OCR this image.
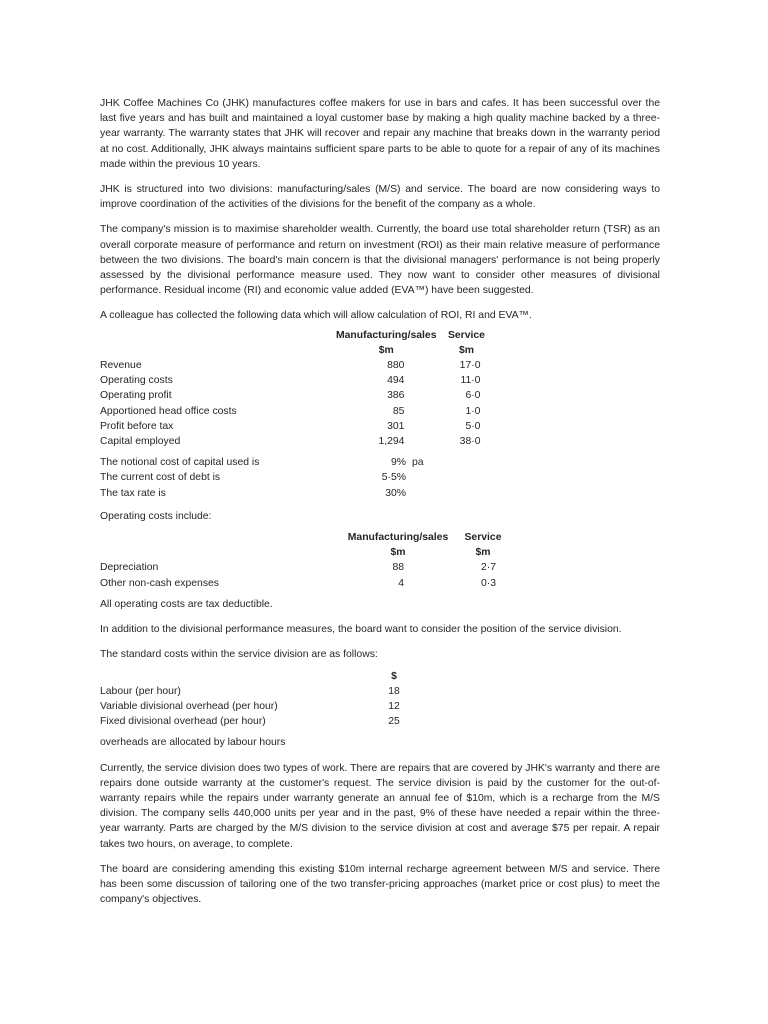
JHK Coffee Machines Co (JHK) manufactures coffee makers for use in bars and cafes. It has been successful over the last five years and has built and maintained a loyal customer base by making a high quality machine backed by a three-year warranty. The warranty states that JHK will recover and repair any machine that breaks down in the warranty period at no cost. Additionally, JHK always maintains sufficient spare parts to be able to quote for a repair of any of its machines made within the previous 10 years.

JHK is structured into two divisions: manufacturing/sales (M/S) and service. The board are now considering ways to improve coordination of the activities of the divisions for the benefit of the company as a whole.

The company's mission is to maximise shareholder wealth. Currently, the board use total shareholder return (TSR) as an overall corporate measure of performance and return on investment (ROI) as their main relative measure of performance between the two divisions. The board's main concern is that the divisional managers' performance is not being properly assessed by the divisional performance measure used. They now want to consider other measures of divisional performance. Residual income (RI) and economic value added (EVA™) have been suggested.

A colleague has collected the following data which will allow calculation of ROI, RI and EVA™.

	Manufacturing/sales	Service
	$m	$m
Revenue	880	17·0
Operating costs	494	11·0
Operating profit	386	6·0
Apportioned head office costs	85	1·0
Profit before tax	301	5·0
Capital employed	1,294	38·0
The notional cost of capital used is	9%	pa
The current cost of debt is	5·5%	
The tax rate is	30%	

Operating costs include:

	Manufacturing/sales	Service
	$m	$m
Depreciation	88	2·7
Other non-cash expenses	4	0·3

All operating costs are tax deductible.

In addition to the divisional performance measures, the board want to consider the position of the service division.

The standard costs within the service division are as follows:

	$
Labour (per hour)	18
Variable divisional overhead (per hour)	12
Fixed divisional overhead (per hour)	25

overheads are allocated by labour hours

Currently, the service division does two types of work. There are repairs that are covered by JHK's warranty and there are repairs done outside warranty at the customer's request. The service division is paid by the customer for the out-of-warranty repairs while the repairs under warranty generate an annual fee of $10m, which is a recharge from the M/S division. The company sells 440,000 units per year and in the past, 9% of these have needed a repair within the three-year warranty. Parts are charged by the M/S division to the service division at cost and average $75 per repair. A repair takes two hours, on average, to complete.

The board are considering amending this existing $10m internal recharge agreement between M/S and service. There has been some discussion of tailoring one of the two transfer-pricing approaches (market price or cost plus) to meet the company's objectives.
